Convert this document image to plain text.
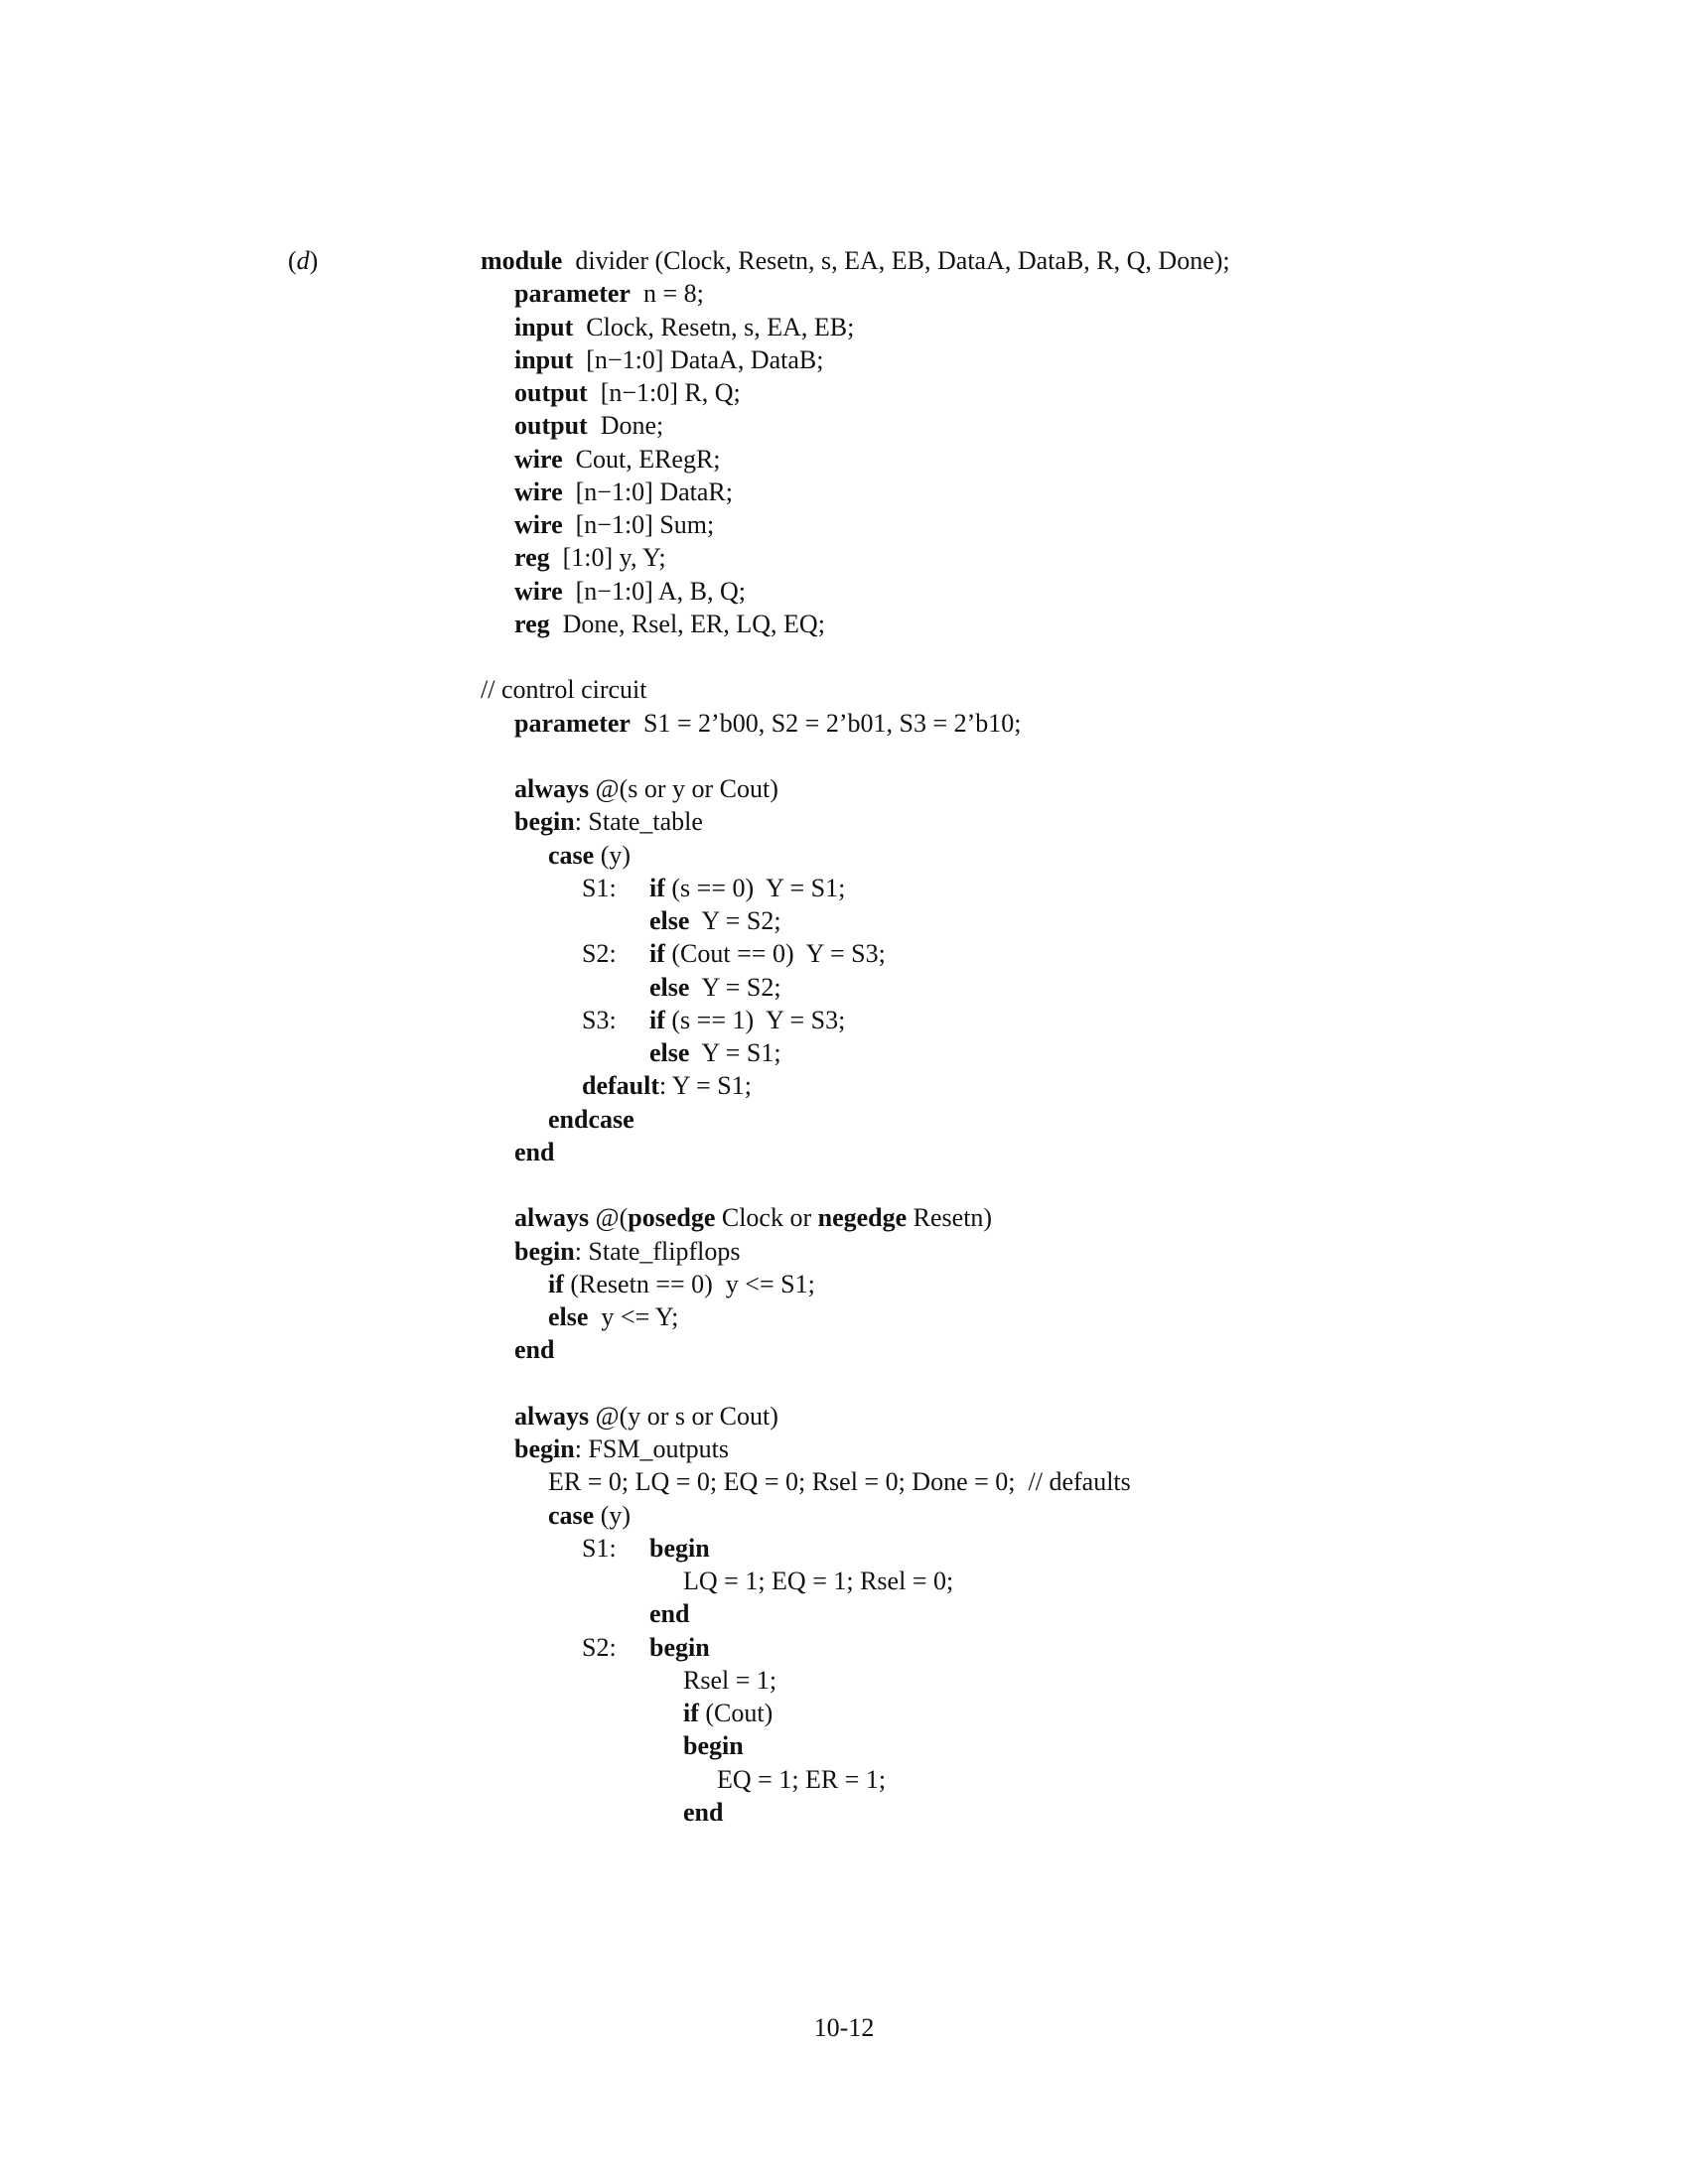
(d)	module  divider (Clock, Resetn, s, EA, EB, DataA, DataB, R, Q, Done);
parameter  n = 8;
input  Clock, Resetn, s, EA, EB;
input  [n−1:0] DataA, DataB;
output  [n−1:0] R, Q;
output  Done;
wire  Cout, ERegR;
wire  [n−1:0] DataR;
wire  [n−1:0] Sum;
reg  [1:0] y, Y;
wire  [n−1:0] A, B, Q;
reg  Done, Rsel, ER, LQ, EQ;
// control circuit
parameter  S1 = 2’b00, S2 = 2’b01, S3 = 2’b10;
always @(s or y or Cout)
begin: State_table
case (y)
S1: if (s == 0)  Y = S1;
else  Y = S2;
S2: if (Cout == 0)  Y = S3;
else  Y = S2;
S3: if (s == 1)  Y = S3;
else  Y = S1;
default: Y = S1;
endcase
end
always @(posedge Clock or negedge Resetn)
begin: State_flipflops
if (Resetn == 0)  y <= S1;
else  y <= Y;
end
always @(y or s or Cout)
begin: FSM_outputs
ER = 0; LQ = 0; EQ = 0; Rsel = 0; Done = 0;  // defaults
case (y)
S1: begin
LQ = 1; EQ = 1; Rsel = 0;
end
S2: begin
Rsel = 1;
if (Cout)
begin
EQ = 1; ER = 1;
end
10-12
